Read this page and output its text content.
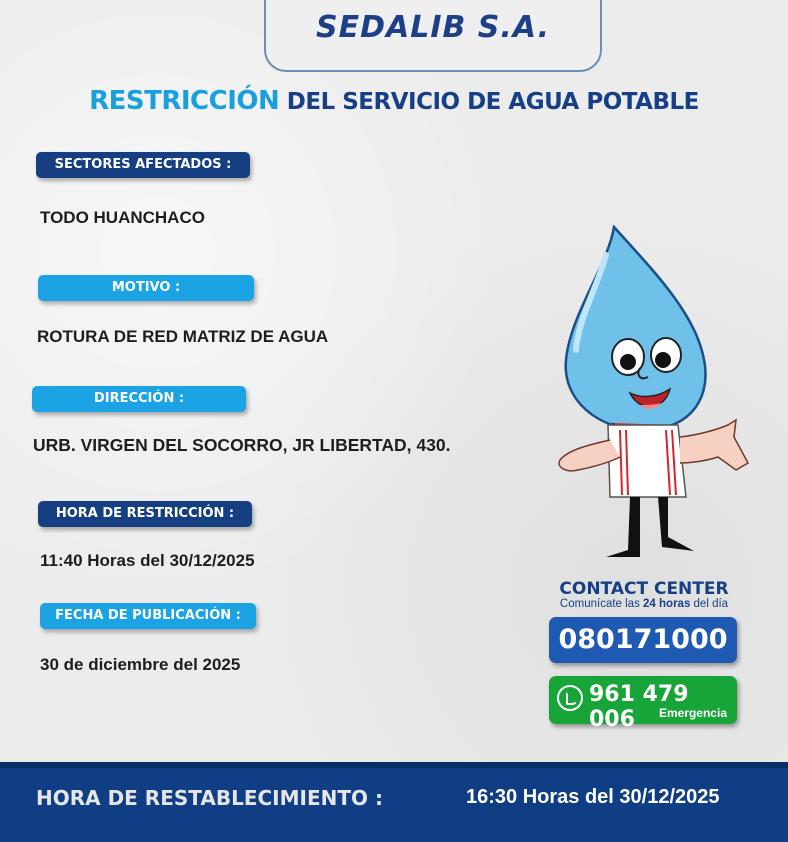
SEDALIB S.A.
RESTRICCIÓN DEL SERVICIO DE AGUA POTABLE
SECTORES AFECTADOS :
TODO HUANCHACO
MOTIVO :
ROTURA DE RED MATRIZ DE AGUA
DIRECCIÓN :
URB. VIRGEN DEL SOCORRO, JR LIBERTAD, 430.
HORA DE RESTRICCIÓN :
11:40 Horas del 30/12/2025
FECHA DE PUBLICACIÓN :
30 de diciembre del 2025
CONTACT CENTER
Comunícate las 24 horas del día
080171000
961 479 006	Emergencia
HORA DE RESTABLECIMIENTO :	16:30 Horas del 30/12/2025
